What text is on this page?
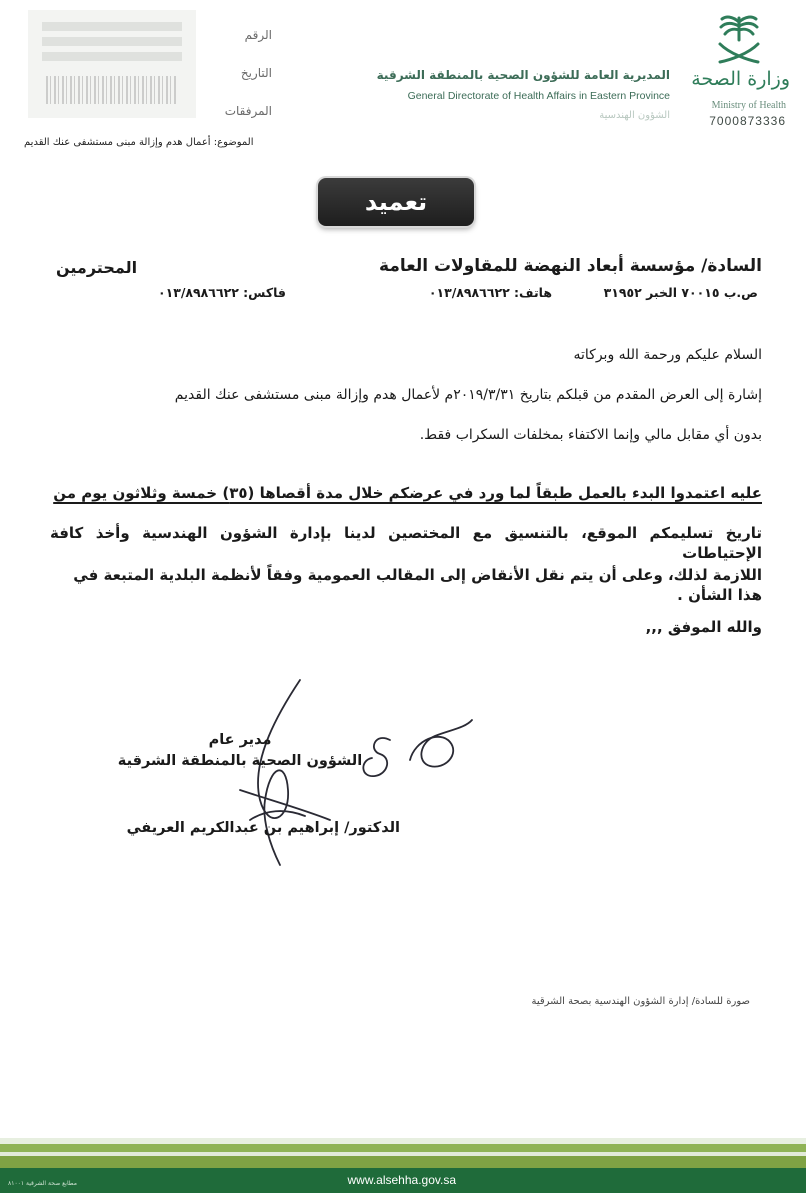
الرقم
التاريخ
المرفقات
الموضوع: أعمال هدم وإزالة مبنى مستشفى عنك القديم
المديرية العامة للشؤون الصحية بالمنطقة الشرقية
General Directorate of Health Affairs in Eastern Province
الشؤون الهندسية
وزارة الصحة
Ministry of Health
7000873336
تعميد
السادة/ مؤسسة أبعاد النهضة للمقاولات العامة
المحترمين
ص.ب ٧٠٠١٥ الخبر ٣١٩٥٢
هاتف: ٠١٣/٨٩٨٦٦٢٢
فاكس: ٠١٣/٨٩٨٦٦٢٢
السلام عليكم ورحمة الله وبركاته
إشارة إلى العرض المقدم من قبلكم بتاريخ ٢٠١٩/٣/٣١م لأعمال هدم وإزالة مبنى مستشفى عنك القديم
بدون أي مقابل مالي وإنما الاكتفاء بمخلفات السكراب فقط.
عليه اعتمدوا البدء بالعمل طبقاً لما ورد في عرضكم خلال مدة أقصاها (٣٥) خمسة وثلاثون يوم من
تاريخ تسليمكم الموقع، بالتنسيق مع المختصين لدينا بإدارة الشؤون الهندسية وأخذ كافة الإحتياطات
اللازمة لذلك، وعلى أن يتم نقل الأنقاض إلى المقالب العمومية وفقاً لأنظمة البلدية المتبعة في هذا الشأن .
والله الموفق ,,,
مدير عام
الشؤون الصحية بالمنطقة الشرقية
الدكتور/ إبراهيم بن عبدالكريم العريفي
صورة للسادة/ إدارة الشؤون الهندسية بصحة الشرقية
www.alsehha.gov.sa
مطابع صحة الشرقية ٨١٠٠١
